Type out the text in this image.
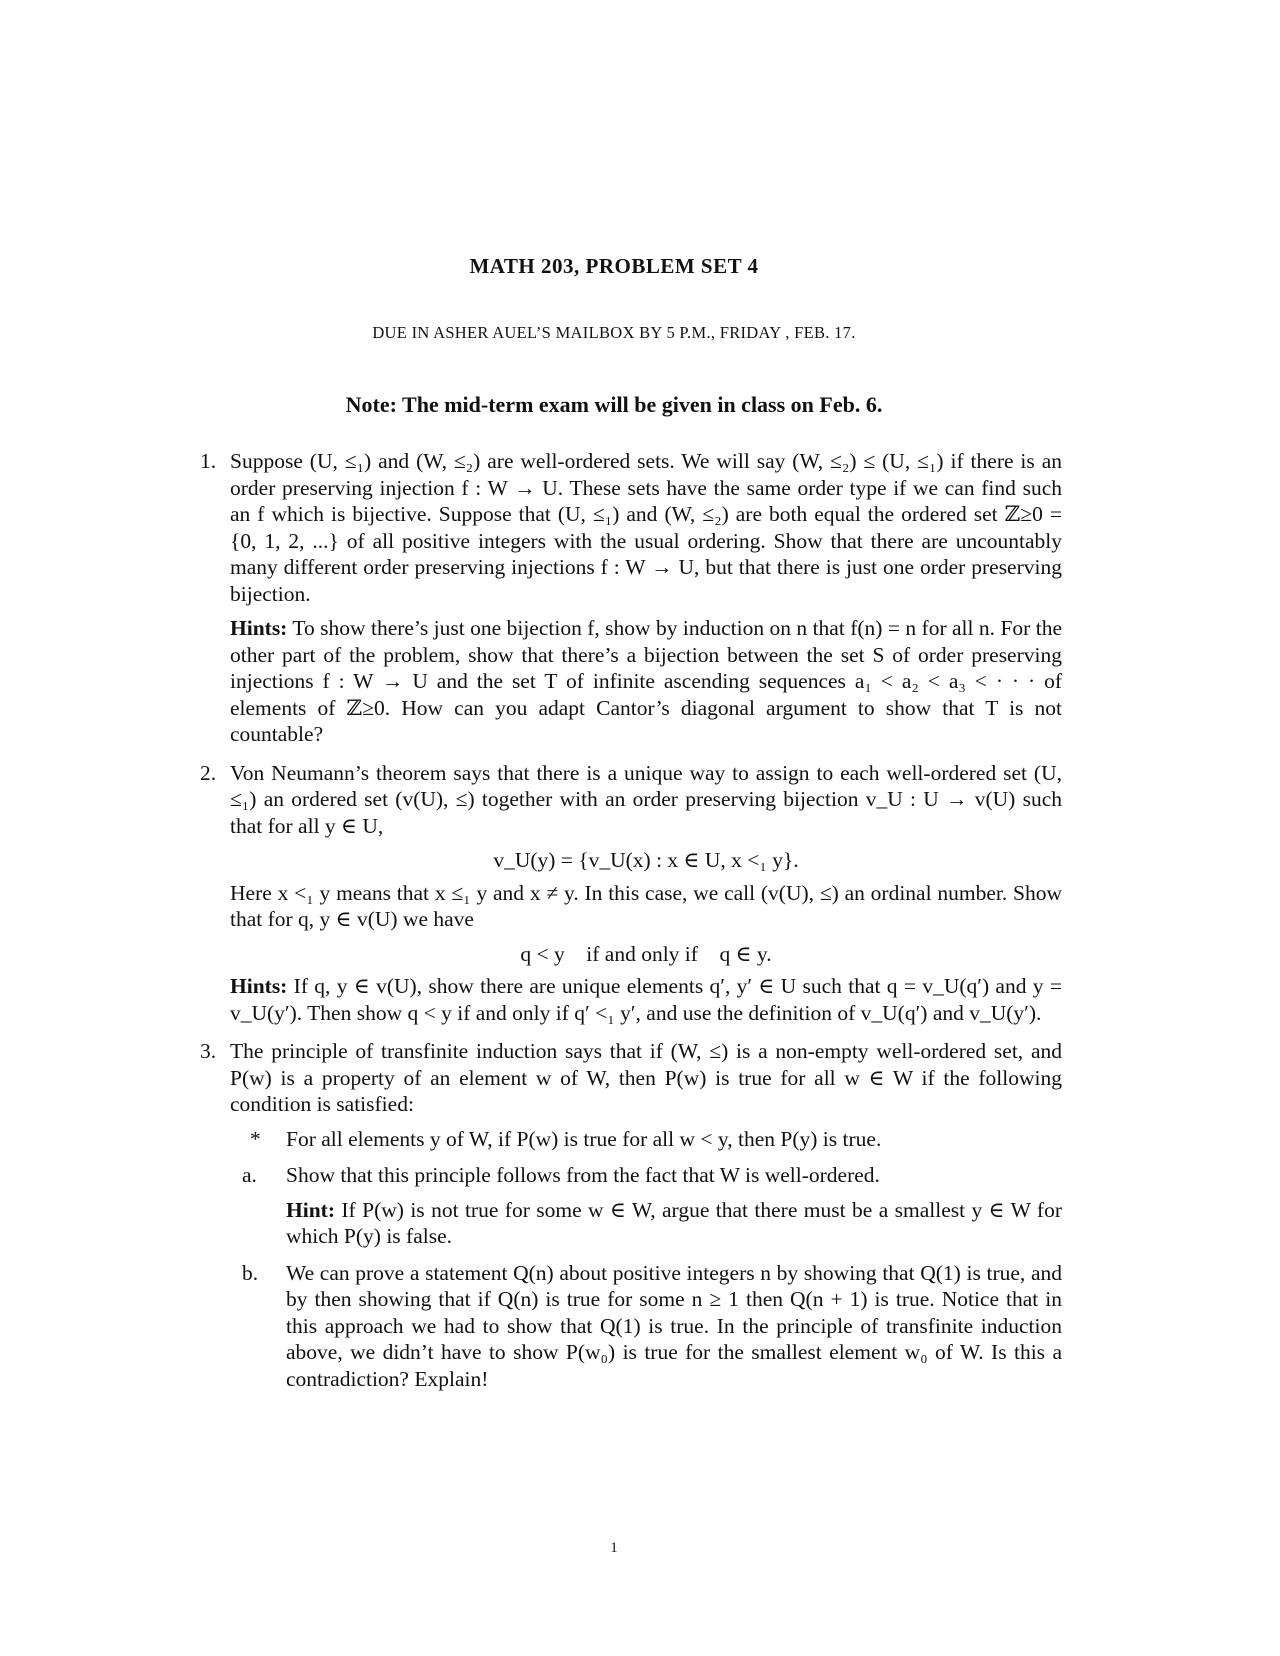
MATH 203, PROBLEM SET 4
DUE IN ASHER AUEL’S MAILBOX BY 5 P.M., FRIDAY , FEB. 17.
Note: The mid-term exam will be given in class on Feb. 6.
1. Suppose (U, ≤₁) and (W, ≤₂) are well-ordered sets. We will say (W, ≤₂) ≤ (U, ≤₁) if there is an order preserving injection f : W → U. These sets have the same order type if we can find such an f which is bijective. Suppose that (U, ≤₁) and (W, ≤₂) are both equal the ordered set ℤ≥0 = {0, 1, 2, ...} of all positive integers with the usual ordering. Show that there are uncountably many different order preserving injections f : W → U, but that there is just one order preserving bijection.
Hints: To show there’s just one bijection f, show by induction on n that f(n) = n for all n. For the other part of the problem, show that there’s a bijection between the set S of order preserving injections f : W → U and the set T of infinite ascending sequences a₁ < a₂ < a₃ < · · · of elements of ℤ≥0. How can you adapt Cantor’s diagonal argument to show that T is not countable?
2. Von Neumann’s theorem says that there is a unique way to assign to each well-ordered set (U, ≤₁) an ordered set (v(U), ≤) together with an order preserving bijection v_U : U → v(U) such that for all y ∈ U,
v_U(y) = {v_U(x) : x ∈ U, x <₁ y}.
Here x <₁ y means that x ≤₁ y and x ≠ y. In this case, we call (v(U), ≤) an ordinal number. Show that for q, y ∈ v(U) we have
q < y    if and only if    q ∈ y.
Hints: If q, y ∈ v(U), show there are unique elements q′, y′ ∈ U such that q = v_U(q′) and y = v_U(y′). Then show q < y if and only if q′ <₁ y′, and use the definition of v_U(q′) and v_U(y′).
3. The principle of transfinite induction says that if (W, ≤) is a non-empty well-ordered set, and P(w) is a property of an element w of W, then P(w) is true for all w ∈ W if the following condition is satisfied:
* For all elements y of W, if P(w) is true for all w < y, then P(y) is true.
a. Show that this principle follows from the fact that W is well-ordered.
Hint: If P(w) is not true for some w ∈ W, argue that there must be a smallest y ∈ W for which P(y) is false.
b. We can prove a statement Q(n) about positive integers n by showing that Q(1) is true, and by then showing that if Q(n) is true for some n ≥ 1 then Q(n + 1) is true. Notice that in this approach we had to show that Q(1) is true. In the principle of transfinite induction above, we didn’t have to show P(w₀) is true for the smallest element w₀ of W. Is this a contradiction? Explain!
1
